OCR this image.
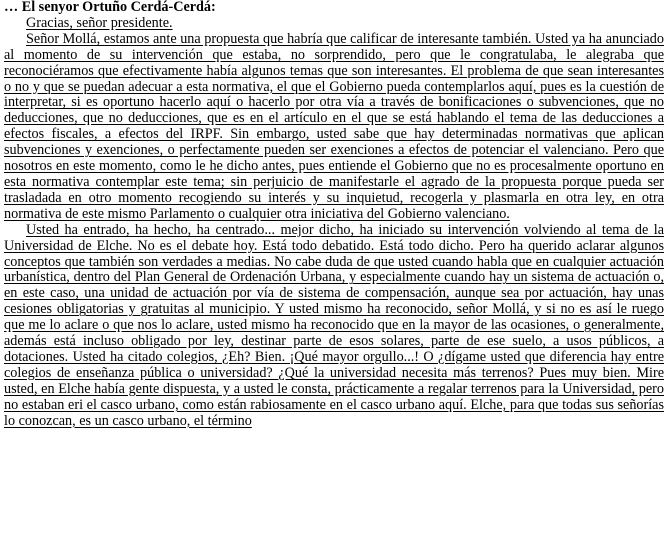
… El senyor Ortuño Cerdá-Cerdá:

Gracias, señor presidente.

Señor Mollá, estamos ante una propuesta que habría que calificar de interesante también. Usted ya ha anunciado al momento de su intervención que estaba, no sorprendido, pero que le congratulaba, le alegraba que reconociéramos que efectivamente había algunos temas que son interesantes. El problema de que sean interesantes o no y que se puedan adecuar a esta normativa, el que el Gobierno pueda contemplarlos aquí, pues es la cuestión de interpretar, si es oportuno hacerlo aquí o hacerlo por otra vía a través de bonificaciones o subvenciones, que no deducciones, que no deducciones, que es en el artículo en el que se está hablando el tema de las deducciones a efectos fiscales, a efectos del IRPF. Sin embargo, usted sabe que hay determinadas normativas que aplican subvenciones y exenciones, o perfectamente pueden ser exenciones a efectos de potenciar el valenciano. Pero que nosotros en este momento, como le he dicho antes, pues entiende el Gobierno que no es procesalmente oportuno en esta normativa contemplar este tema; sin perjuicio de manifestarle el agrado de la propuesta porque pueda ser trasladada en otro momento recogiendo su interés y su inquietud, recogerla y plasmarla en otra ley, en otra normativa de este mismo Parlamento o cualquier otra iniciativa del Gobierno valenciano.

Usted ha entrado, ha hecho, ha centrado... mejor dicho, ha iniciado su intervención volviendo al tema de la Universidad de Elche. No es el debate hoy. Está todo debatido. Está todo dicho. Pero ha querido aclarar algunos conceptos que también son verdades a medias. No cabe duda de que usted cuando habla que en cualquier actuación urbanística, dentro del Plan General de Ordenación Urbana, y especialmente cuando hay un sistema de actuación o, en este caso, una unidad de actuación por vía de sistema de compensación, aunque sea por actuación, hay unas cesiones obligatorias y gratuitas al municipio. Y usted mismo ha reconocido, señor Mollá, y si no es así le ruego que me lo aclare o que nos lo aclare, usted mismo ha reconocido que en la mayor de las ocasiones, o generalmente, además está incluso obligado por ley, destinar parte de esos solares, parte de ese suelo, a usos públicos, a dotaciones. Usted ha citado colegios, ¿Eh? Bien. ¡Qué mayor orgullo...! O ¿dígame usted que diferencia hay entre colegios de enseñanza pública o universidad? ¿Qué la universidad necesita más terrenos? Pues muy bien. Mire usted, en Elche había gente dispuesta, y a usted le consta, prácticamente a regalar terrenos para la Universidad, pero no estaban eri el casco urbano, como están rabiosamente en el casco urbano aquí. Elche, para que todas sus señorías lo conozcan, es un casco urbano, el término
